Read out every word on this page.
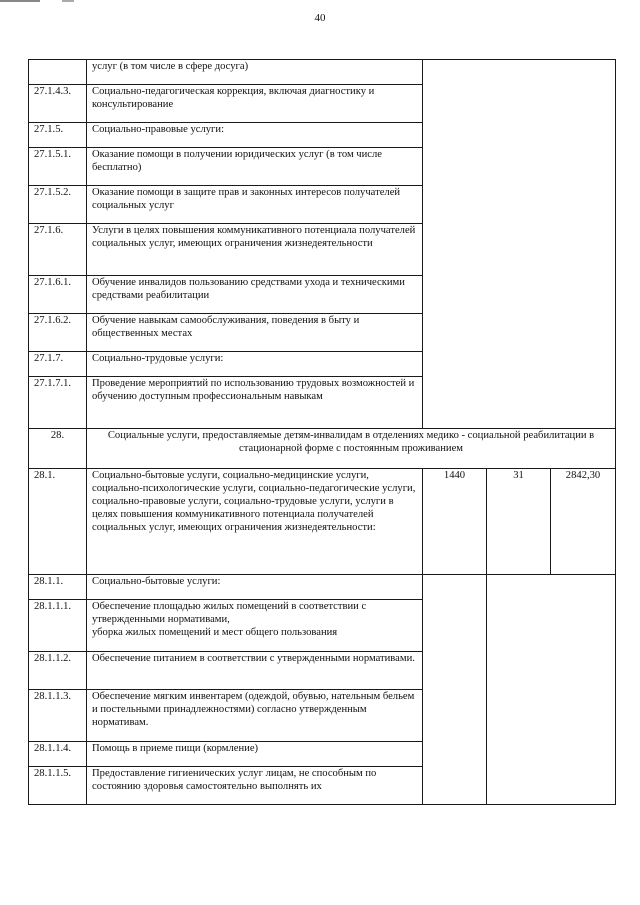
40
	услуг (в том числе в сфере досуга)			
27.1.4.3.	Социально-педагогическая коррекция, включая диагностику и консультирование			
27.1.5.	Социально-правовые услуги:			
27.1.5.1.	Оказание помощи в получении юридических услуг (в том числе бесплатно)			
27.1.5.2.	Оказание помощи в защите прав и законных интересов получателей социальных услуг			
27.1.6.	Услуги в целях повышения коммуникативного потенциала получателей социальных услуг, имеющих ограничения жизнедеятельности			
27.1.6.1.	Обучение инвалидов пользованию средствами ухода и техническими средствами реабилитации			
27.1.6.2.	Обучение навыкам самообслуживания, поведения в быту и общественных местах			
27.1.7.	Социально-трудовые услуги:			
27.1.7.1.	Проведение мероприятий по использованию трудовых возможностей и обучению доступным профессиональным навыкам			
28.	Социальные услуги, предоставляемые детям-инвалидам в отделениях медико - социальной реабилитации в стационарной форме с постоянным проживанием			
28.1.	Социально-бытовые услуги, социально-медицинские услуги, социально-психологические услуги, социально-педагогические услуги, социально-правовые услуги, социально-трудовые услуги, услуги в целях повышения коммуникативного потенциала получателей социальных услуг, имеющих ограничения жизнедеятельности:	1440	31	2842,30
28.1.1.	Социально-бытовые услуги:			
28.1.1.1.	Обеспечение площадью жилых помещений в соответствии с утвержденными нормативами,
уборка жилых помещений и мест общего пользования			
28.1.1.2.	Обеспечение питанием в соответствии с утвержденными нормативами.			
28.1.1.3.	Обеспечение мягким инвентарем (одеждой, обувью, нательным бельем и постельными принадлежностями) согласно утвержденным нормативам.			
28.1.1.4.	Помощь в приеме пищи (кормление)			
28.1.1.5.	Предоставление гигиенических услуг лицам, не способным по состоянию здоровья самостоятельно выполнять их			
